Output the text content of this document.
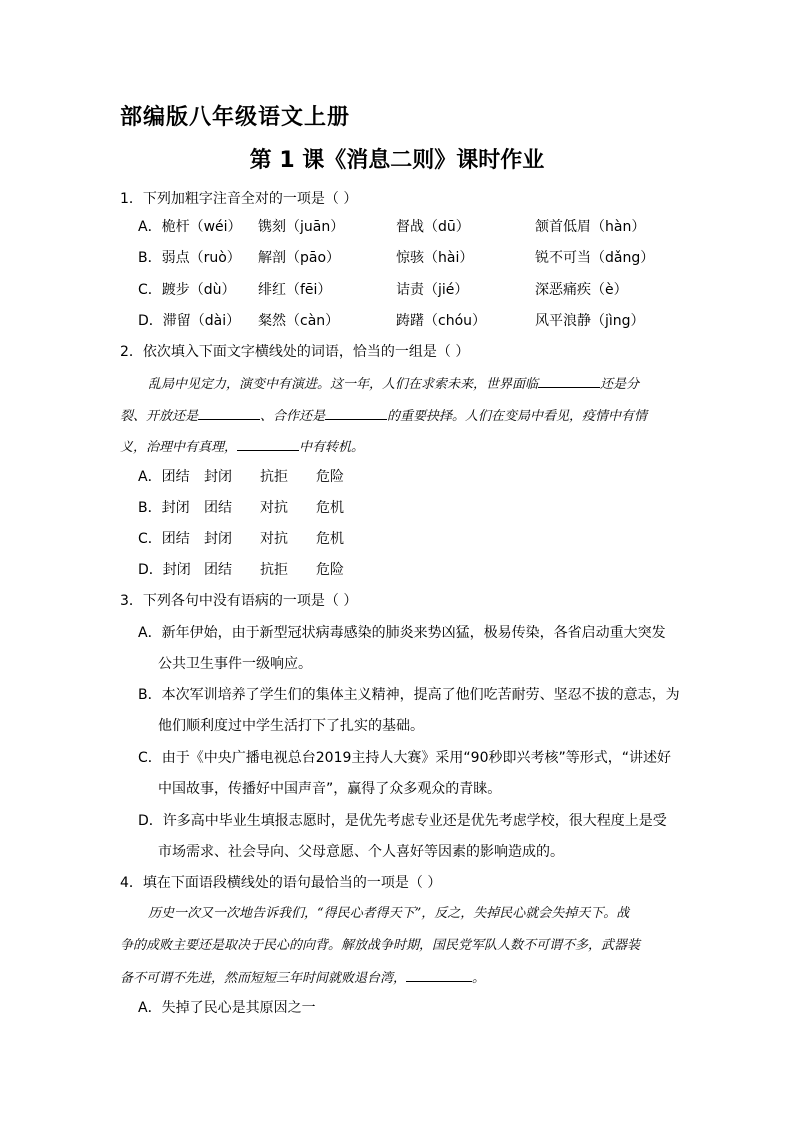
部编版八年级语文上册
第 1 课《消息二则》课时作业
1．下列加粗字注音全对的一项是（ ）
A．桅杆（wéi） 镌刻（juān）	督战（dū）	颔首低眉（hàn）
B．弱点（ruò） 解剖（pāo）	惊骇（hài）	锐不可当（dǎng）
C．踱步（dù） 绯红（fēi）	诘责（jié）	深恶痛疾（è）
D．滞留（dài） 粲然（càn）	踌躇（chóu）	风平浪静（jìng）
2．依次填入下面文字横线处的词语，恰当的一组是（ ）
乱局中见定力，演变中有演进。这一年，人们在求索未来，世界面临	还是分
裂、开放还是	、合作还是	的重要抉择。人们在变局中看见，疫情中有情
义，治理中有真理，	中有转机。
A．团结 封闭 抗拒 危险
B．封闭 团结 对抗 危机
C．团结 封闭 对抗 危机
D．封闭 团结 抗拒 危险
3．下列各句中没有语病的一项是（ ）
A．新年伊始，由于新型冠状病毒感染的肺炎来势凶猛，极易传染，各省启动重大突发
公共卫生事件一级响应。
B．本次军训培养了学生们的集体主义精神，提高了他们吃苦耐劳、坚忍不拔的意志，为
他们顺利度过中学生活打下了扎实的基础。
C．由于《中央广播电视总台2019主持人大赛》采用“90秒即兴考核”等形式，“讲述好
中国故事，传播好中国声音”，赢得了众多观众的青睐。
D．许多高中毕业生填报志愿时，是优先考虑专业还是优先考虑学校，很大程度上是受
市场需求、社会导向、父母意愿、个人喜好等因素的影响造成的。
4．填在下面语段横线处的语句最恰当的一项是（ ）
历史一次又一次地告诉我们，“得民心者得天下”，反之，失掉民心就会失掉天下。战
争的成败主要还是取决于民心的向背。解放战争时期，国民党军队人数不可谓不多，武器装
备不可谓不先进，然而短短三年时间就败退台湾，	。
A．失掉了民心是其原因之一
